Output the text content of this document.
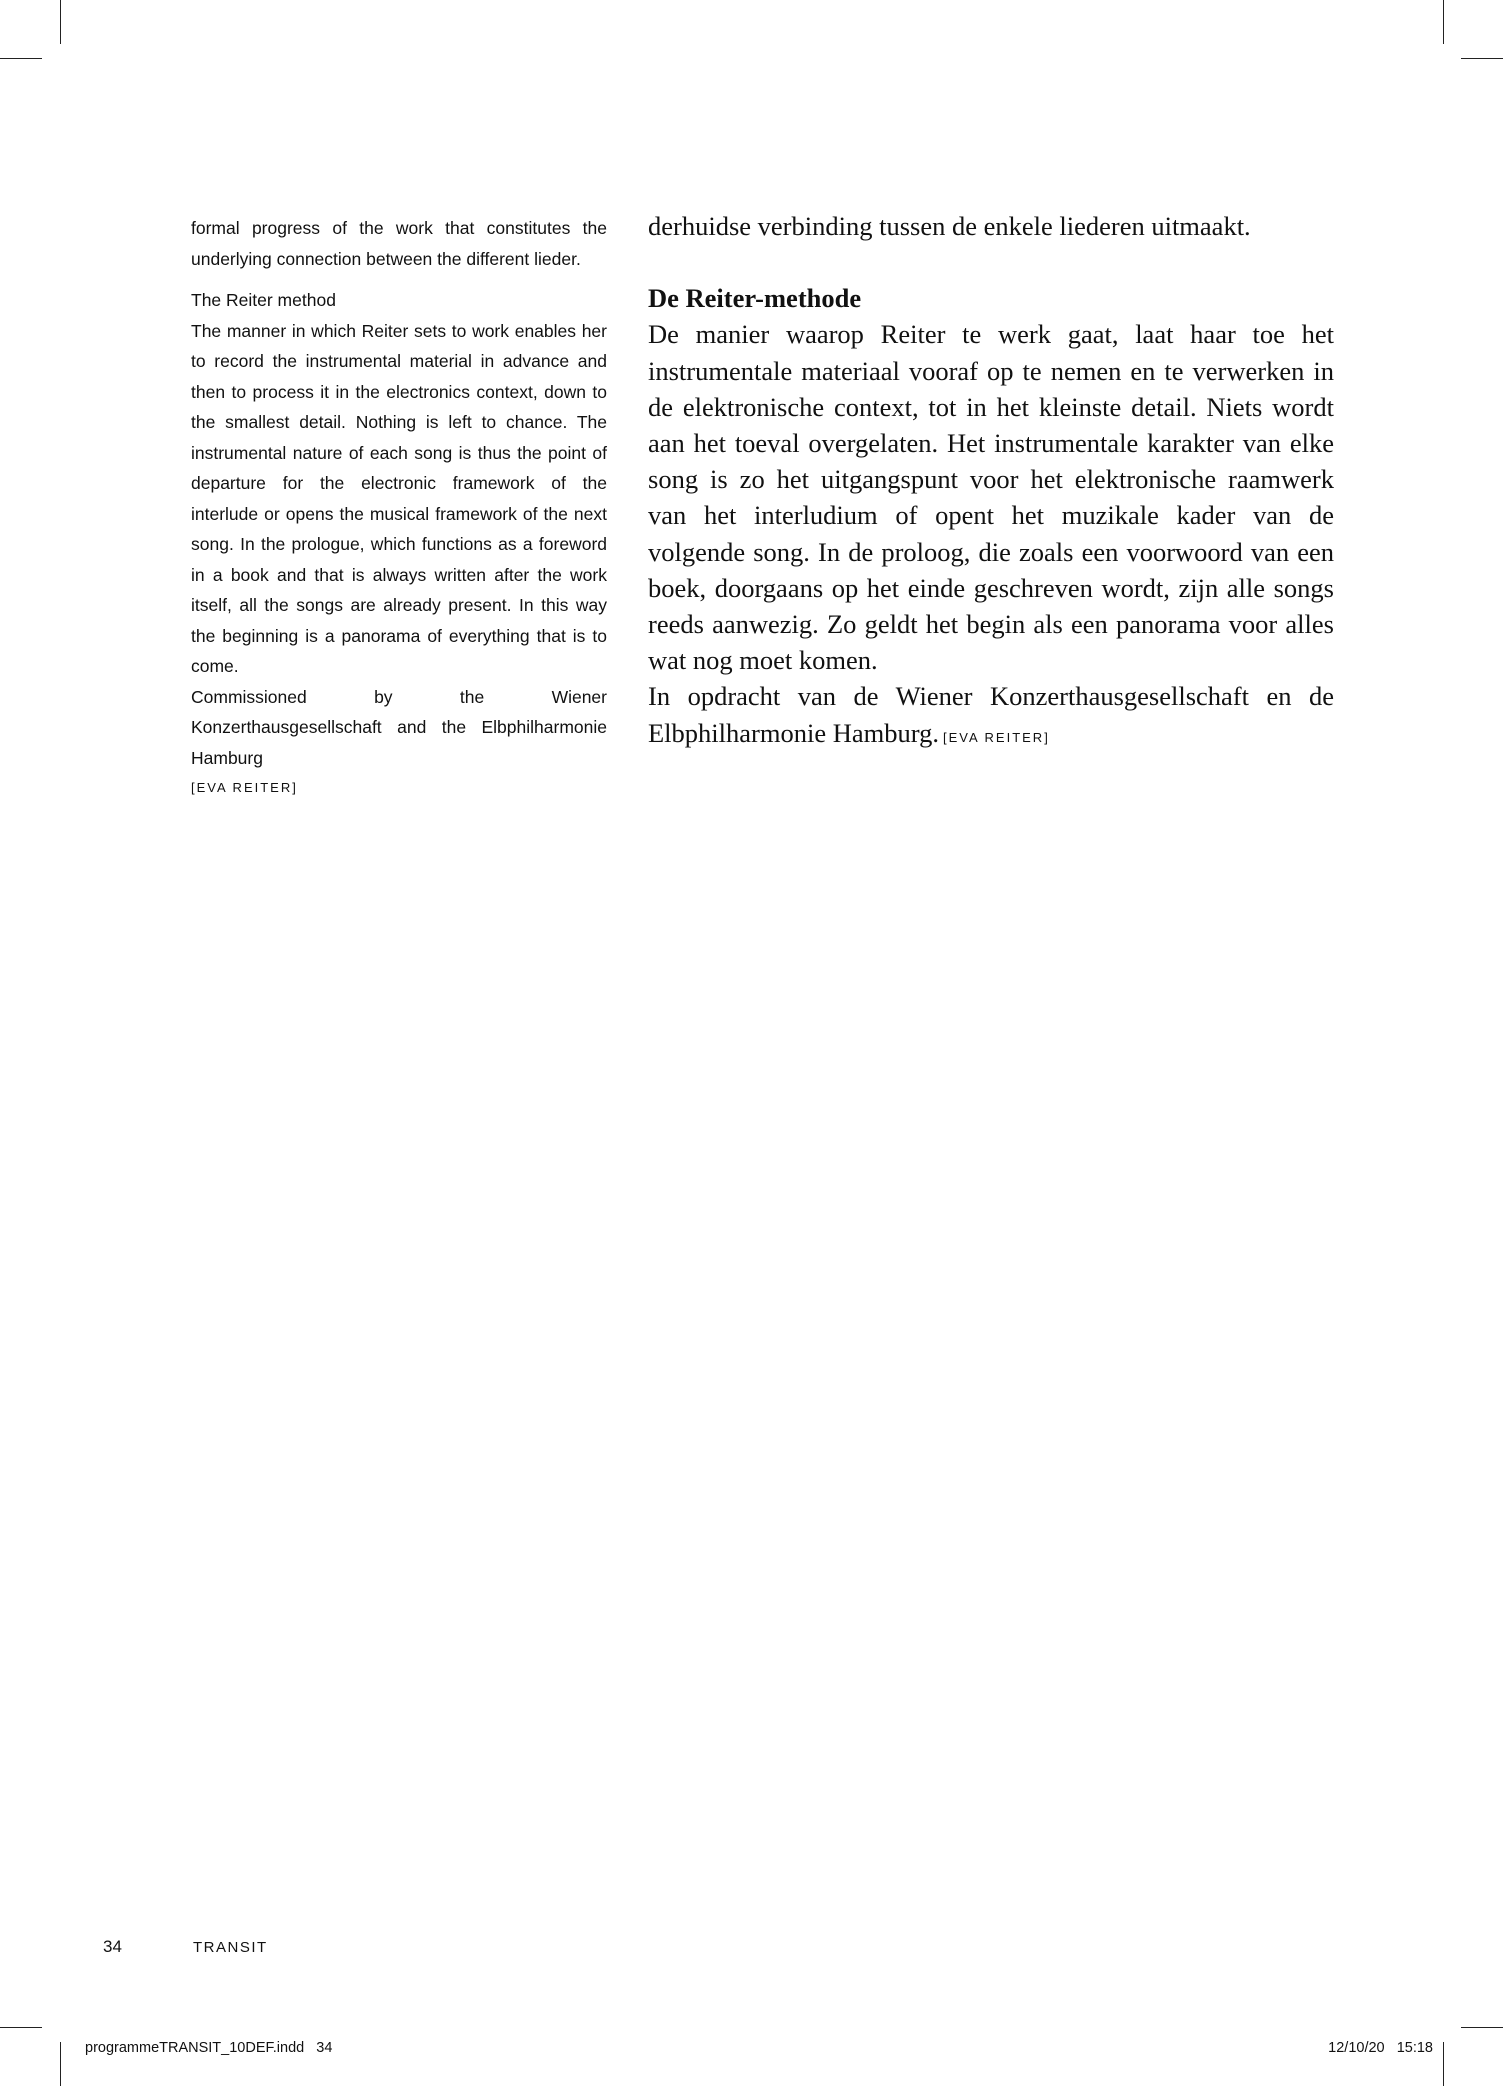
formal progress of the work that constitutes the underlying connection between the different lieder.

The Reiter method

The manner in which Reiter sets to work enables her to record the instrumental material in advance and then to process it in the electronics context, down to the smallest detail. Nothing is left to chance. The instrumental nature of each song is thus the point of departure for the electronic framework of the interlude or opens the musical framework of the next song. In the prologue, which functions as a foreword in a book and that is always written after the work itself, all the songs are already present. In this way the beginning is a panorama of everything that is to come.

Commissioned by the Wiener Konzerthausgesellschaft and the Elbphilharmonie Hamburg

[EVA REITER]

derhuidse verbinding tussen de enkele liederen uitmaakt.

De Reiter-methode

De manier waarop Reiter te werk gaat, laat haar toe het instrumentale materiaal vooraf op te nemen en te verwerken in de elektronische context, tot in het kleinste detail. Niets wordt aan het toeval overgelaten. Het instrumentale karakter van elke song is zo het uitgangspunt voor het elektronische raamwerk van het interludium of opent het muzikale kader van de volgende song. In de proloog, die zoals een voorwoord van een boek, doorgaans op het einde geschreven wordt, zijn alle songs reeds aanwezig. Zo geldt het begin als een panorama voor alles wat nog moet komen.

In opdracht van de Wiener Konzerthausgesellschaft en de Elbphilharmonie Hamburg. [EVA REITER]

34	TRANSIT
programmeTRANSIT_10DEF.indd   34	12/10/20   15:18
